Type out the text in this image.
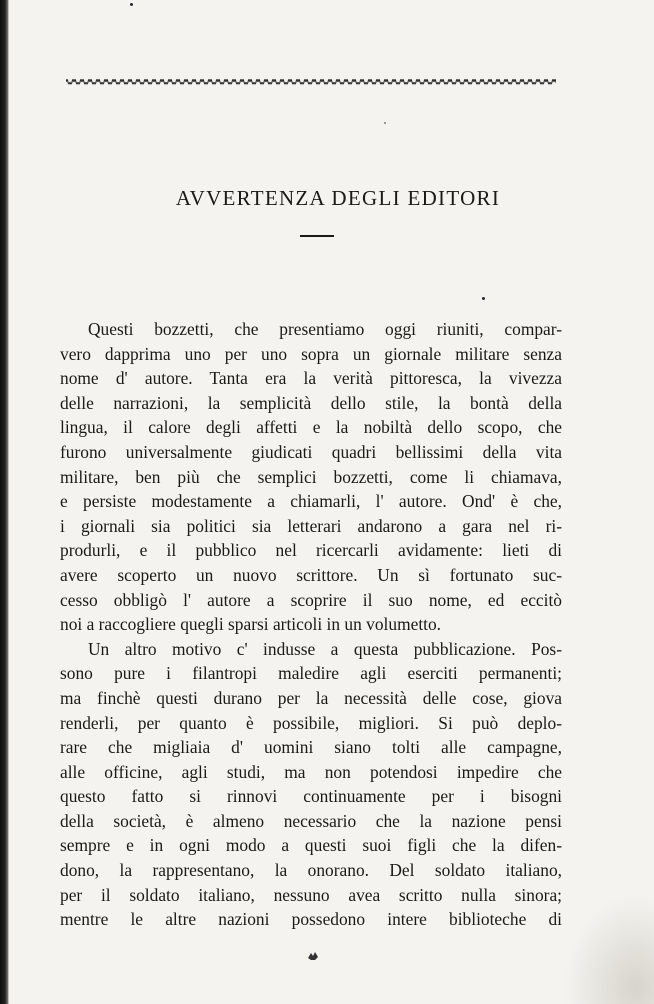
AVVERTENZA DEGLI EDITORI
Questi bozzetti, che presentiamo oggi riuniti, compar-
vero dapprima uno per uno sopra un giornale militare senza
nome d' autore. Tanta era la verità pittoresca, la vivezza
delle narrazioni, la semplicità dello stile, la bontà della
lingua, il calore degli affetti e la nobiltà dello scopo, che
furono universalmente giudicati quadri bellissimi della vita
militare, ben più che semplici bozzetti, come li chiamava,
e persiste modestamente a chiamarli, l' autore. Ond' è che,
i giornali sia politici sia letterari andarono a gara nel ri-
produrli, e il pubblico nel ricercarli avidamente: lieti di
avere scoperto un nuovo scrittore. Un sì fortunato suc-
cesso obbligò l' autore a scoprire il suo nome, ed eccitò
noi a raccogliere quegli sparsi articoli in un volumetto.
Un altro motivo c' indusse a questa pubblicazione. Pos-
sono pure i filantropi maledire agli eserciti permanenti;
ma finchè questi durano per la necessità delle cose, giova
renderli, per quanto è possibile, migliori. Si può deplo-
rare che migliaia d' uomini siano tolti alle campagne,
alle officine, agli studi, ma non potendosi impedire che
questo fatto si rinnovi continuamente per i bisogni
della società, è almeno necessario che la nazione pensi
sempre e in ogni modo a questi suoi figli che la difen-
dono, la rappresentano, la onorano. Del soldato italiano,
per il soldato italiano, nessuno avea scritto nulla sinora;
mentre le altre nazioni possedono intere biblioteche di
